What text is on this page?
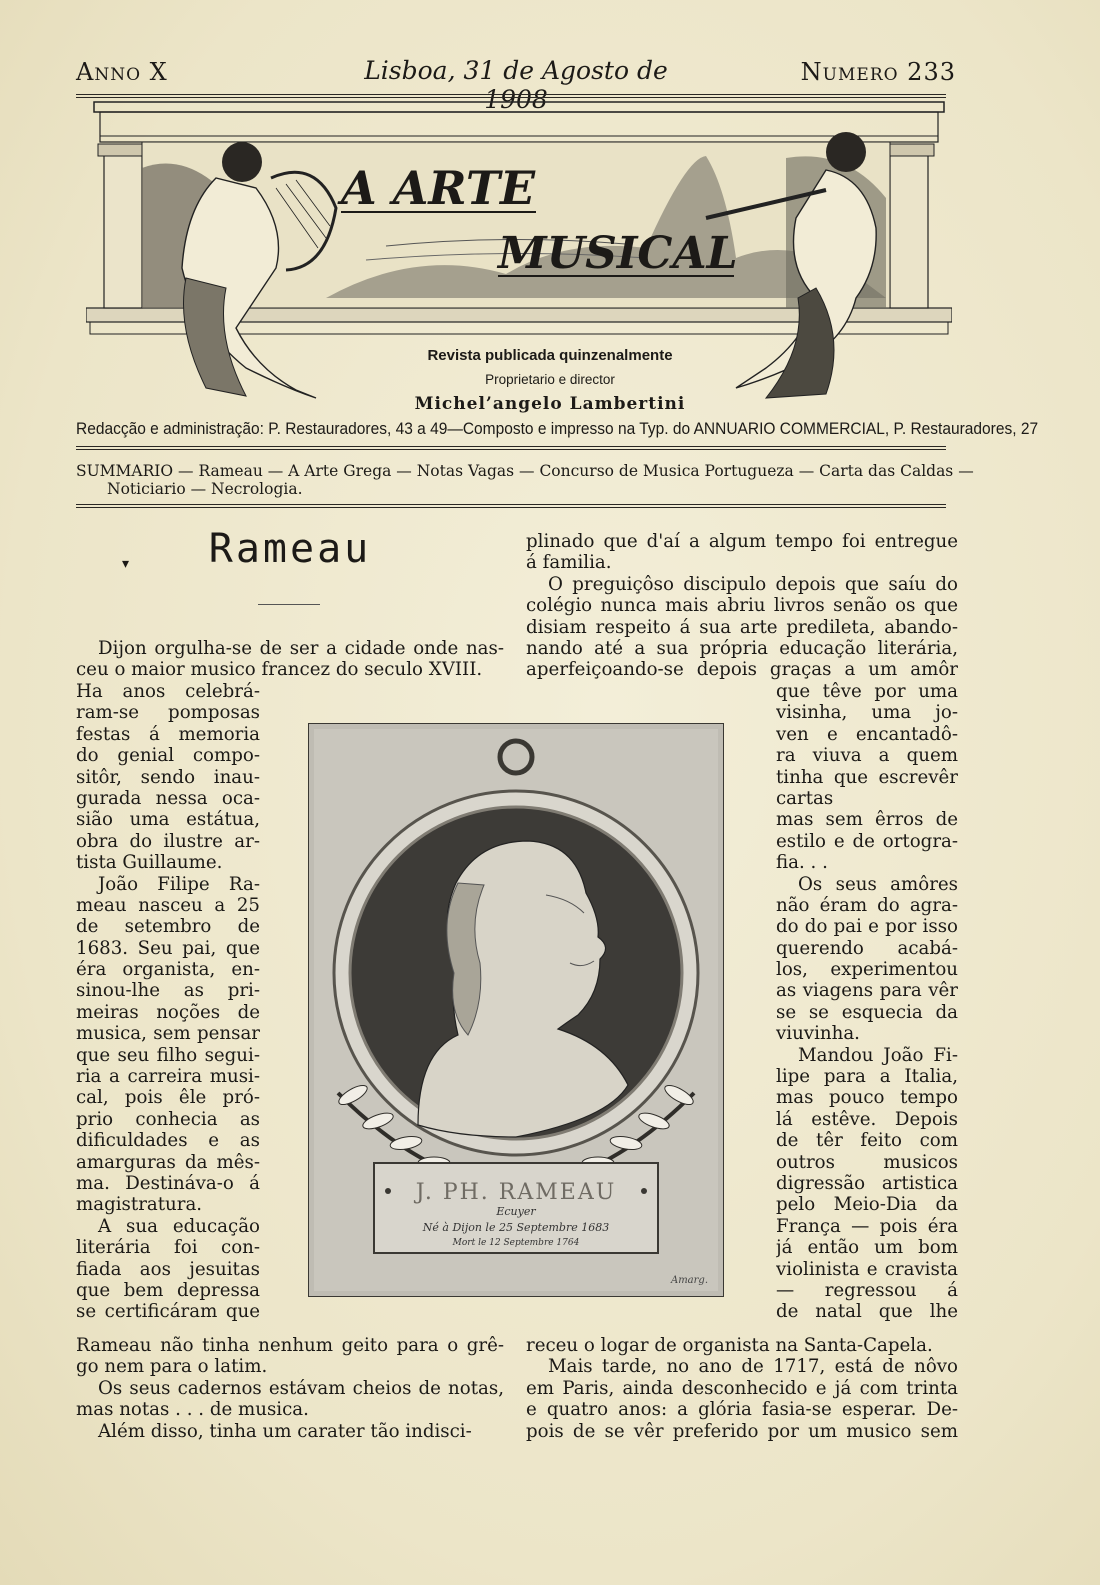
Anno X	Lisboa, 31 de Agosto de 1908
Numero 233
A ARTE
MUSICAL
Revista publicada quinzenalmente
Proprietario e director
Michel’angelo Lambertini
Redacção e administração: P. Restauradores, 43 a 49—Composto e impresso na Typ. do ANNUARIO COMMERCIAL, P. Restauradores, 27
SUMMARIO — Rameau — A Arte Grega — Notas Vagas — Concurso de Musica Portugueza — Carta das Caldas —
Noticiario — Necrologia.
Rameau
Dijon orgulha-se de ser a cidade onde nas-
ceu o maior musico francez do seculo XVIII.
Ha anos celebrá-
ram-se pomposas
festas á memoria
do genial compo-
sitôr, sendo inau-
gurada nessa oca-
sião uma estátua,
obra do ilustre ar-
tista Guillaume.
João Filipe Ra-
meau nasceu a 25
de setembro de
1683. Seu pai, que
éra organista, en-
sinou-lhe as pri-
meiras noções de
musica, sem pensar
que seu filho segui-
ria a carreira musi-
cal, pois êle pró-
prio conhecia as
dificuldades e as
amarguras da mês-
ma. Destináva-o á
magistratura.
A sua educação
literária foi con-
fiada aos jesuitas
que bem depressa
se certificáram que
Rameau não tinha nenhum geito para o grê-
go nem para o latim.
Os seus cadernos estávam cheios de notas,
mas notas . . . de musica.
Além disso, tinha um carater tão indisci-
plinado que d'aí a algum tempo foi entregue
á familia.
O preguiçôso discipulo depois que saíu do
colégio nunca mais abriu livros senão os que
disiam respeito á sua arte predileta, abando-
nando até a sua própria educação literária,
aperfeiçoando-se depois graças a um amôr
que têve por uma
visinha, uma jo-
ven e encantadô-
ra viuva a quem
tinha que escrevêr
cartas
mas sem êrros de
estilo e de ortogra-
fia. . .
Os seus amôres
não éram do agra-
do do pai e por isso
querendo acabá-
los, experimentou
as viagens para vêr
se se esquecia da
viuvinha.
Mandou João Fi-
lipe para a Italia,
mas pouco tempo
lá estêve. Depois
de têr feito com
outros musicos
digressão artistica
pelo Meio-Dia da
França — pois éra
já então um bom
violinista e cravista
— regressou á
de natal que lhe
receu o logar de organista na Santa-Capela.
Mais tarde, no ano de 1717, está de nôvo
em Paris, ainda desconhecido e já com trinta
e quatro anos: a glória fasia-se esperar. De-
pois de se vêr preferido por um musico sem
J. PH. RAMEAU
Ecuyer
Né à Dijon le 25 Septembre 1683
Mort le 12 Septembre 1764
Amarg.
▾
